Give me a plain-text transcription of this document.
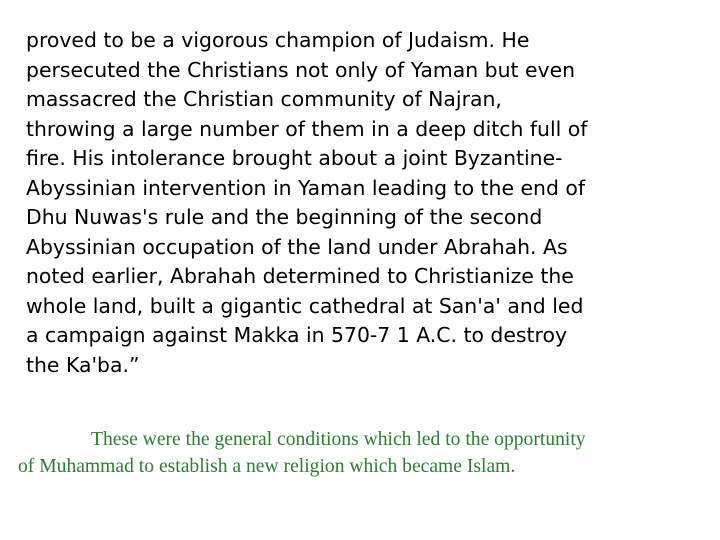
proved to be a vigorous champion of Judaism. He
persecuted the Christians not only of Yaman but even
massacred the Christian community of Najran,
throwing a large number of them in a deep ditch full of
fire. His intolerance brought about a joint Byzantine-
Abyssinian intervention in Yaman leading to the end of
Dhu Nuwas's rule and the beginning of the second
Abyssinian occupation of the land under Abrahah. As
noted earlier, Abrahah determined to Christianize the
whole land, built a gigantic cathedral at San'a' and led
a campaign against Makka in 570-7 1 A.C. to destroy
the Ka'ba.”
These were the general conditions which led to the opportunity
of Muhammad to establish a new religion which became Islam.
